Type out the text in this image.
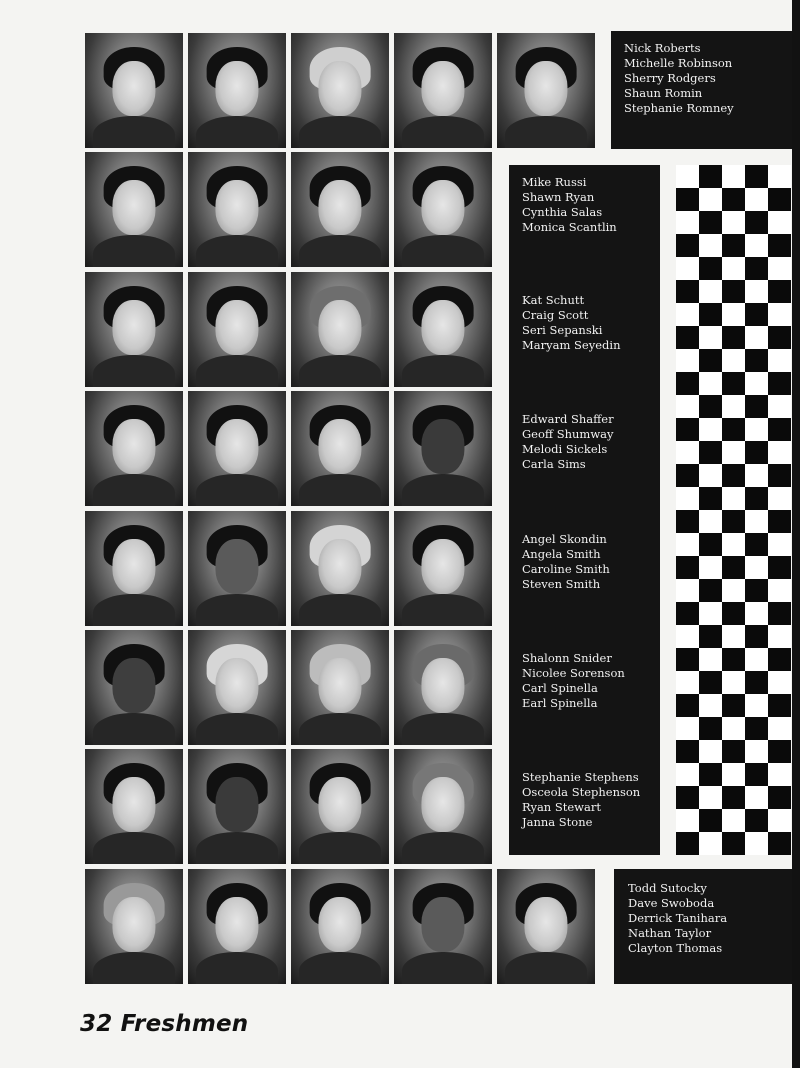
Nick Roberts
Michelle Robinson
Sherry Rodgers
Shaun Romin
Stephanie Romney
Mike Russi
Shawn Ryan
Cynthia Salas
Monica Scantlin
Kat Schutt
Craig Scott
Seri Sepanski
Maryam Seyedin
Edward Shaffer
Geoff Shumway
Melodi Sickels
Carla Sims
Angel Skondin
Angela Smith
Caroline Smith
Steven Smith
Shalonn Snider
Nicolee Sorenson
Carl Spinella
Earl Spinella
Stephanie Stephens
Osceola Stephenson
Ryan Stewart
Janna Stone
Todd Sutocky
Dave Swoboda
Derrick Tanihara
Nathan Taylor
Clayton Thomas
32 Freshmen
